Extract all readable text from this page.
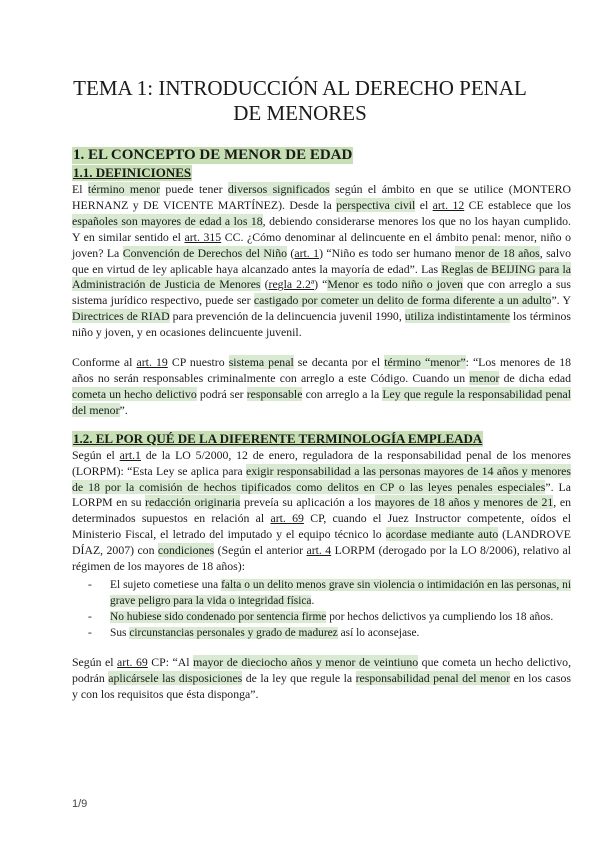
TEMA 1: INTRODUCCIÓN AL DERECHO PENAL
DE MENORES
1. EL CONCEPTO DE MENOR DE EDAD
1.1. DEFINICIONES

El término menor puede tener diversos significados según el ámbito en que se utilice (MONTERO HERNANZ y DE VICENTE MARTÍNEZ). Desde la perspectiva civil el art. 12 CE establece que los españoles son mayores de edad a los 18, debiendo considerarse menores los que no los hayan cumplido. Y en similar sentido el art. 315 CC. ¿Cómo denominar al delincuente en el ámbito penal: menor, niño o joven? La Convención de Derechos del Niño (art. 1) “Niño es todo ser humano menor de 18 años, salvo que en virtud de ley aplicable haya alcanzado antes la mayoría de edad”. Las Reglas de BEIJING para la Administración de Justicia de Menores (regla 2.2ª) “Menor es todo niño o joven que con arreglo a sus sistema jurídico respectivo, puede ser castigado por cometer un delito de forma diferente a un adulto”. Y Directrices de RIAD para prevención de la delincuencia juvenil 1990, utiliza indistintamente los términos niño y joven, y en ocasiones delincuente juvenil.

Conforme al art. 19 CP nuestro sistema penal se decanta por el término “menor”: “Los menores de 18 años no serán responsables criminalmente con arreglo a este Código. Cuando un menor de dicha edad cometa un hecho delictivo podrá ser responsable con arreglo a la Ley que regule la responsabilidad penal del menor”.

1.2. EL POR QUÉ DE LA DIFERENTE TERMINOLOGÍA EMPLEADA

Según el art.1 de la LO 5/2000, 12 de enero, reguladora de la responsabilidad penal de los menores (LORPM): “Esta Ley se aplica para exigir responsabilidad a las personas mayores de 14 años y menores de 18 por la comisión de hechos tipificados como delitos en CP o las leyes penales especiales”. La LORPM en su redacción originaria preveía su aplicación a los mayores de 18 años y menores de 21, en determinados supuestos en relación al art. 69 CP, cuando el Juez Instructor competente, oídos el Ministerio Fiscal, el letrado del imputado y el equipo técnico lo acordase mediante auto (LANDROVE DÍAZ, 2007) con condiciones (Según el anterior art. 4 LORPM (derogado por la LO 8/2006), relativo al régimen de los mayores de 18 años):

- El sujeto cometiese una falta o un delito menos grave sin violencia o intimidación en las personas, ni grave peligro para la vida o integridad física.
- No hubiese sido condenado por sentencia firme por hechos delictivos ya cumpliendo los 18 años.
- Sus circunstancias personales y grado de madurez así lo aconsejase.

Según el art. 69 CP: “Al mayor de dieciocho años y menor de veintiuno que cometa un hecho delictivo, podrán aplicársele las disposiciones de la ley que regule la responsabilidad penal del menor en los casos y con los requisitos que ésta disponga”.

1/9
